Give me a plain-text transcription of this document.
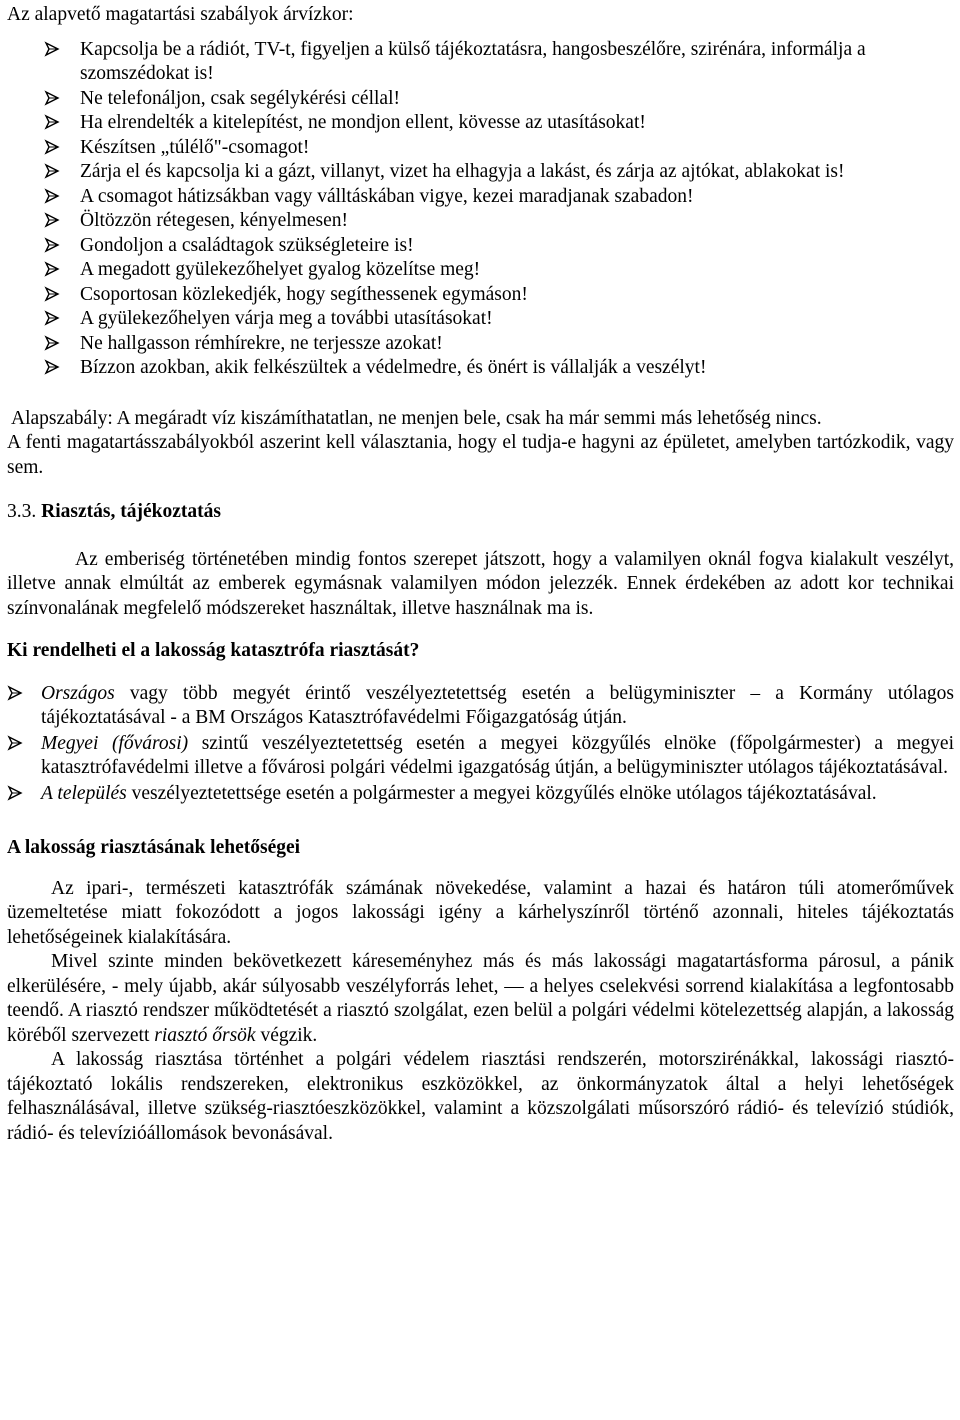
Az alapvető magatartási szabályok árvízkor:

Kapcsolja be a rádiót, TV-t, figyeljen a külső tájékoztatásra, hangosbeszélőre, szirénára, informálja a szomszédokat is!
Ne telefonáljon, csak segélykérési céllal!
Ha elrendelték a kitelepítést, ne mondjon ellent, kövesse az utasításokat!
Készítsen „túlélő"-csomagot!
Zárja el és kapcsolja ki a gázt, villanyt, vizet ha elhagyja a lakást, és zárja az ajtókat, ablakokat is!
A csomagot hátizsákban vagy válltáskában vigye, kezei maradjanak szabadon!
Öltözzön rétegesen, kényelmesen!
Gondoljon a családtagok szükségleteire is!
A megadott gyülekezőhelyet gyalog közelítse meg!
Csoportosan közlekedjék, hogy segíthessenek egymáson!
A gyülekezőhelyen várja meg a további utasításokat!
Ne hallgasson rémhírekre, ne terjessze azokat!
Bízzon azokban, akik felkészültek a védelmedre, és önért is vállalják a veszélyt!

Alapszabály: A megáradt víz kiszámíthatatlan, ne menjen bele, csak ha már semmi más lehetőség nincs.

A fenti magatartásszabályokból aszerint kell választania, hogy el tudja-e hagyni az épületet, amelyben tartózkodik, vagy sem.

3.3. Riasztás, tájékoztatás

Az emberiség történetében mindig fontos szerepet játszott, hogy a valamilyen oknál fogva kialakult veszélyt, illetve annak elmúltát az emberek egymásnak valamilyen módon jelezzék. Ennek érdekében az adott kor technikai színvonalának megfelelő módszereket használtak, illetve használnak ma is.

Ki rendelheti el a lakosság katasztrófa riasztását?

Országos vagy több megyét érintő veszélyeztetettség esetén a belügyminiszter – a Kormány utólagos tájékoztatásával - a BM Országos Katasztrófavédelmi Főigazgatóság útján.
Megyei (fővárosi) szintű veszélyeztetettség esetén a megyei közgyűlés elnöke (főpolgármester) a megyei katasztrófavédelmi illetve a fővárosi polgári védelmi igazgatóság útján, a belügyminiszter utólagos tájékoztatásával.
A település veszélyeztetettsége esetén a polgármester a megyei közgyűlés elnöke utólagos tájékoztatásával.

A lakosság riasztásának lehetőségei

Az ipari-, természeti katasztrófák számának növekedése, valamint a hazai és határon túli atomerőművek üzemeltetése miatt fokozódott a jogos lakossági igény a kárhelyszínről történő azonnali, hiteles tájékoztatás lehetőségeinek kialakítására.

Mivel szinte minden bekövetkezett káreseményhez más és más lakossági magatartásforma párosul, a pánik elkerülésére, - mely újabb, akár súlyosabb veszélyforrás lehet, — a helyes cselekvési sorrend kialakítása a legfontosabb teendő. A riasztó rendszer működtetését a riasztó szolgálat, ezen belül a polgári védelmi kötelezettség alapján, a lakosság köréből szervezett riasztó őrsök végzik.

A lakosság riasztása történhet a polgári védelem riasztási rendszerén, motorszirénákkal, lakossági riasztó-tájékoztató lokális rendszereken, elektronikus eszközökkel, az önkormányzatok által a helyi lehetőségek felhasználásával, illetve szükség-riasztóeszközökkel, valamint a közszolgálati műsorszóró rádió- és televízió stúdiók, rádió- és televízióállomások bevonásával.
